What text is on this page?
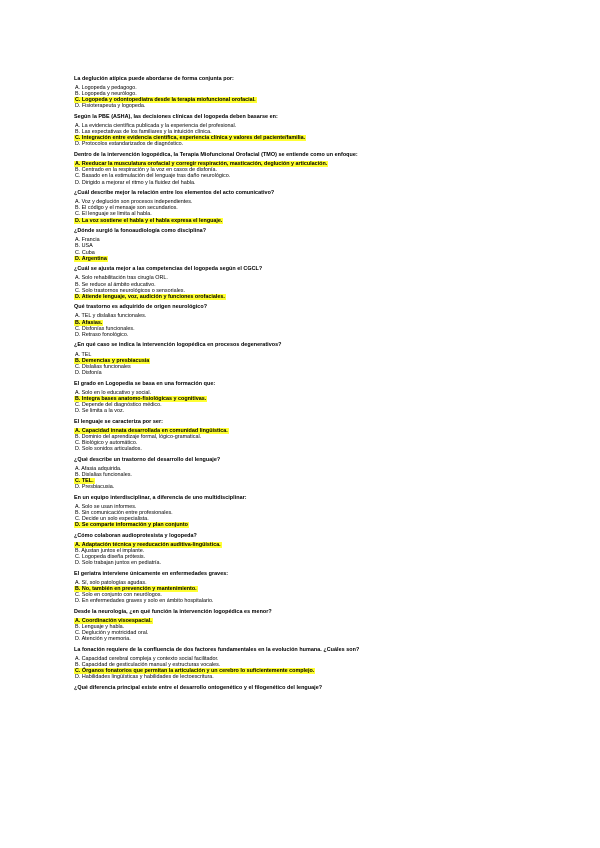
La deglución atípica puede abordarse de forma conjunta por:
A. Logopeda y pedagogo.
B. Logopeda y neurólogo.
C. Logopeda y odontopediatra desde la terapia miofuncional orofacial.
D. Fisioterapeuta y logopeda.
Según la PBE (ASHA), las decisiones clínicas del logopeda deben basarse en:
A. La evidencia científica publicada y la experiencia del profesional.
B. Las expectativas de los familiares y la intuición clínica.
C. Integración entre evidencia científica, experiencia clínica y valores del paciente/familia.
D. Protocolos estandarizados de diagnóstico.
Dentro de la intervención logopédica, la Terapia Miofuncional Orofacial (TMO) se entiende como un enfoque:
A. Reeducar la musculatura orofacial y corregir respiración, masticación, deglución y articulación.
B. Centrado en la respiración y la voz en casos de disfonía.
C. Basado en la estimulación del lenguaje tras daño neurológico.
D. Dirigido a mejorar el ritmo y la fluidez del habla.
¿Cuál describe mejor la relación entre los elementos del acto comunicativo?
A. Voz y deglución son procesos independientes.
B. El código y el mensaje son secundarios.
C. El lenguaje se limita al habla.
D. La voz sostiene el habla y el habla expresa el lenguaje.
¿Dónde surgió la fonoaudiología como disciplina?
A. Francia
B. USA
C. Cuba
D. Argentina
¿Cuál se ajusta mejor a las competencias del logopeda según el CGCL?
A. Solo rehabilitación tras cirugía ORL.
B. Se reduce al ámbito educativo.
C. Solo trastornos neurológicos o sensoriales.
D. Atiende lenguaje, voz, audición y funciones orofaciales.
Qué trastorno es adquirido de origen neurológico?
A. TEL y dislalias funcionales.
B. Afasias.
C. Disfonías funcionales.
D. Retraso fonológico.
¿En qué caso se indica la intervención logopédica en procesos degenerativos?
A. TEL
B. Demencias y presbiacusia
C. Dislalias funcionales
D. Disfonía
El grado en Logopedia se basa en una formación que:
A. Solo en lo educativo y social.
B. Integra bases anatomo-fisiológicas y cognitivas.
C. Depende del diagnóstico médico.
D. Se limita a la voz.
El lenguaje se caracteriza por ser:
A. Capacidad innata desarrollada en comunidad lingüística.
B. Dominio del aprendizaje formal, lógico-gramatical.
C. Biológico y automático.
D. Solo sonidos articulados.
¿Qué describe un trastorno del desarrollo del lenguaje?
A. Afasia adquirida.
B. Dislalias funcionales.
C. TEL.
D. Presbiacusia.
En un equipo interdisciplinar, a diferencia de uno multidisciplinar:
A. Solo se usan informes.
B. Sin comunicación entre profesionales.
C. Decide un solo especialista.
D. Se comparte información y plan conjunto
¿Cómo colaboran audioprotesista y logopeda?
A. Adaptación técnica y reeducación auditiva-lingüística.
B. Ajustan juntos el implante.
C. Logopeda diseña prótesis.
D. Solo trabajan juntos en pediatría.
El geriatra interviene únicamente en enfermedades graves:
A. Sí, solo patologías agudas.
B. No, también en prevención y mantenimiento.
C. Solo en conjunto con neurólogos.
D. En enfermedades graves y solo en ámbito hospitalario.
Desde la neurología, ¿en qué función la intervención logopédica es menor?
A. Coordinación visoespacial.
B. Lenguaje y habla.
C. Deglución y motricidad oral.
D. Atención y memoria.
La fonación requiere de la confluencia de dos factores fundamentales en la evolución humana. ¿Cuáles son?
A. Capacidad cerebral compleja y contexto social facilitador.
B. Capacidad de gesticulación manual y estructuras vocales.
C. Órganos fonatorios que permitan la articulación y un cerebro lo suficientemente complejo.
D. Habilidades lingüísticas y habilidades de lectoescritura.
¿Qué diferencia principal existe entre el desarrollo ontogenético y el filogenético del lenguaje?
